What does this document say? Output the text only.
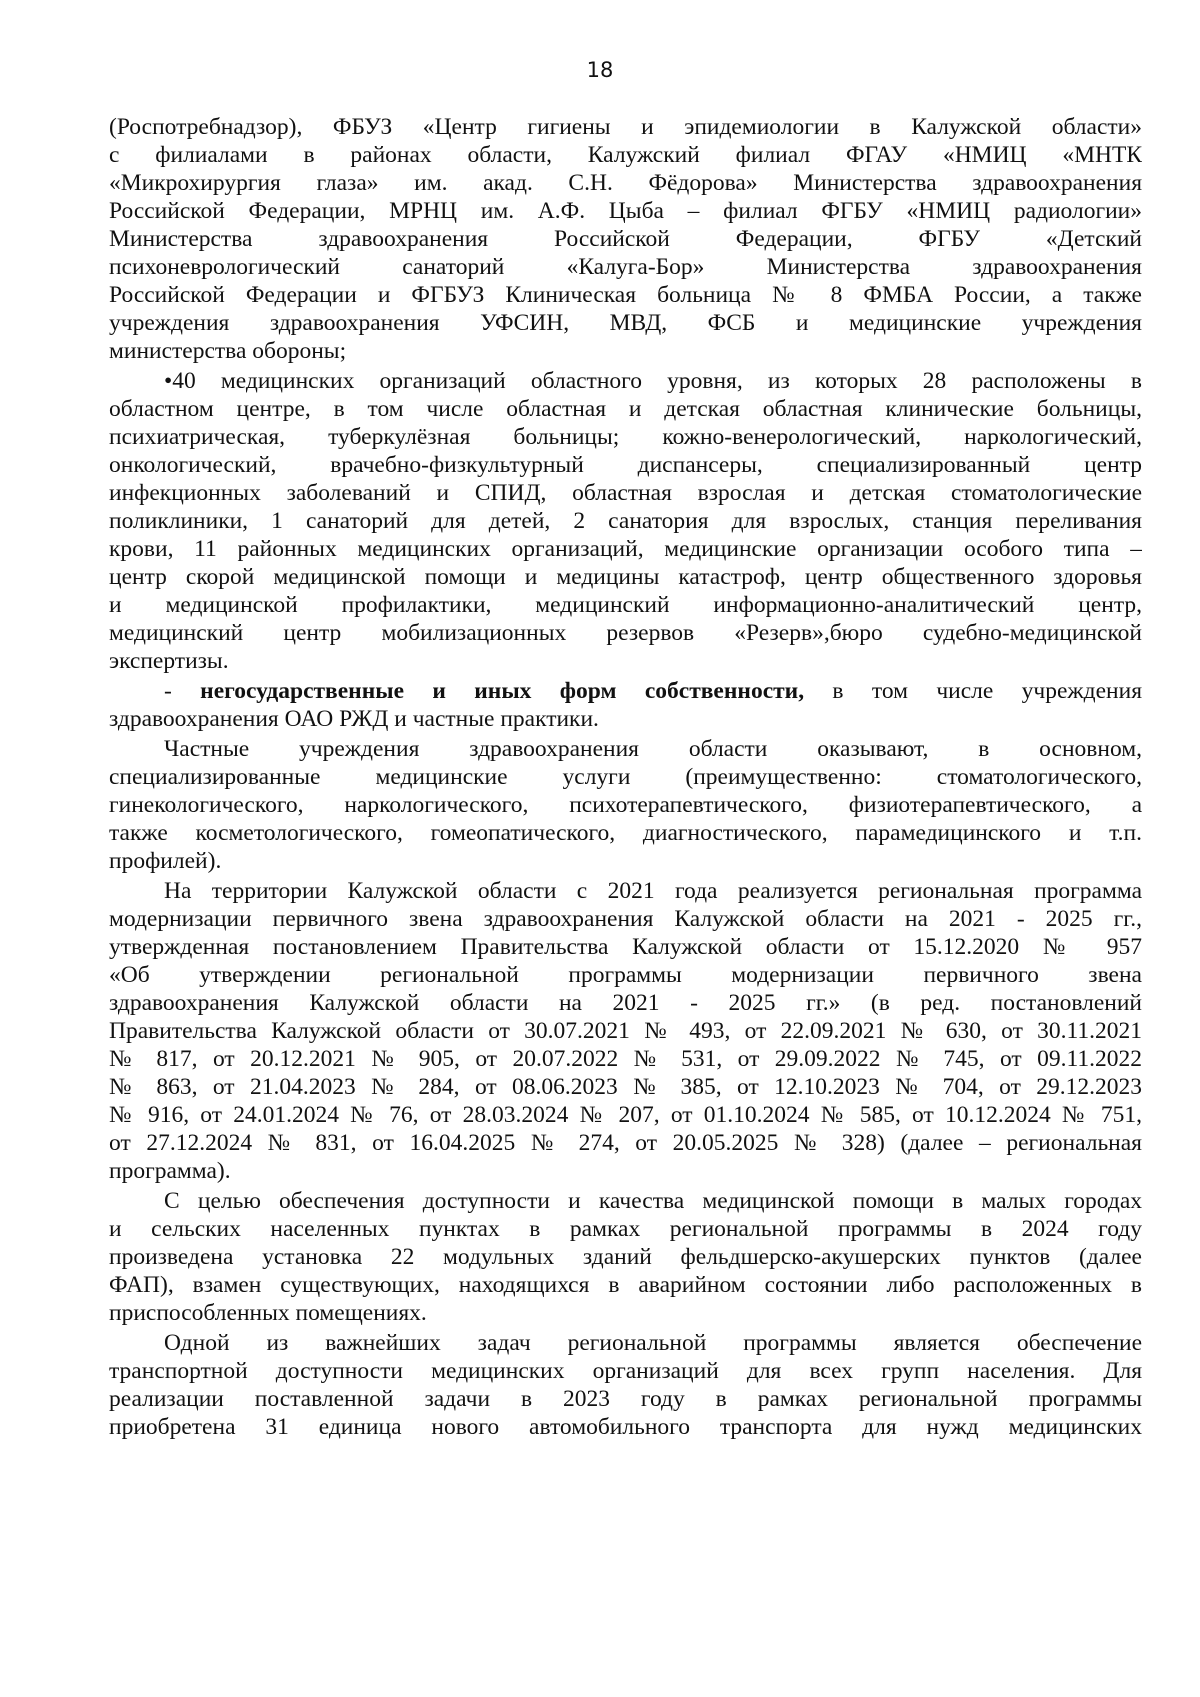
18
(Роспотребнадзор), ФБУЗ «Центр гигиены и эпидемиологии в Калужской области»
с филиалами в районах области, Калужский филиал ФГАУ «НМИЦ «МНТК
«Микрохирургия глаза» им. акад. С.Н. Фёдорова» Министерства здравоохранения
Российской Федерации, МРНЦ им. А.Ф. Цыба – филиал ФГБУ «НМИЦ радиологии»
Министерства здравоохранения Российской Федерации, ФГБУ «Детский
психоневрологический санаторий «Калуга-Бор» Министерства здравоохранения
Российской Федерации и ФГБУЗ Клиническая больница № 8 ФМБА России, а также
учреждения здравоохранения УФСИН, МВД, ФСБ и медицинские учреждения
министерства обороны;
•40 медицинских организаций областного уровня, из которых 28 расположены в
областном центре, в том числе областная и детская областная клинические больницы,
психиатрическая, туберкулёзная больницы; кожно-венерологический, наркологический,
онкологический, врачебно-физкультурный диспансеры, специализированный центр
инфекционных заболеваний и СПИД, областная взрослая и детская стоматологические
поликлиники, 1 санаторий для детей, 2 санатория для взрослых, станция переливания
крови, 11 районных медицинских организаций, медицинские организации особого типа –
центр скорой медицинской помощи и медицины катастроф, центр общественного здоровья
и медицинской профилактики, медицинский информационно-аналитический центр,
медицинский центр мобилизационных резервов «Резерв»,бюро судебно-медицинской
экспертизы.
- негосударственные и иных форм собственности, в том числе учреждения
здравоохранения ОАО РЖД и частные практики.
Частные учреждения здравоохранения области оказывают, в основном,
специализированные медицинские услуги (преимущественно: стоматологического,
гинекологического, наркологического, психотерапевтического, физиотерапевтического, а
также косметологического, гомеопатического, диагностического, парамедицинского и т.п.
профилей).
На территории Калужской области с 2021 года реализуется региональная программа
модернизации первичного звена здравоохранения Калужской области на 2021 - 2025 гг.,
утвержденная постановлением Правительства Калужской области от 15.12.2020 № 957
«Об утверждении региональной программы модернизации первичного звена
здравоохранения Калужской области на 2021 - 2025 гг.» (в ред. постановлений
Правительства Калужской области от 30.07.2021 № 493, от 22.09.2021 № 630, от 30.11.2021
№ 817, от 20.12.2021 № 905, от 20.07.2022 № 531, от 29.09.2022 № 745, от 09.11.2022
№ 863, от 21.04.2023 № 284, от 08.06.2023 № 385, от 12.10.2023 № 704, от 29.12.2023
№ 916, от 24.01.2024 № 76, от 28.03.2024 № 207, от 01.10.2024 № 585, от 10.12.2024 № 751,
от 27.12.2024 № 831, от 16.04.2025 № 274, от 20.05.2025 № 328) (далее – региональная
программа).
С целью обеспечения доступности и качества медицинской помощи в малых городах
и сельских населенных пунктах в рамках региональной программы в 2024 году
произведена установка 22 модульных зданий фельдшерско-акушерских пунктов (далее
ФАП), взамен существующих, находящихся в аварийном состоянии либо расположенных в
приспособленных помещениях.
Одной из важнейших задач региональной программы является обеспечение
транспортной доступности медицинских организаций для всех групп населения. Для
реализации поставленной задачи в 2023 году в рамках региональной программы
приобретена 31 единица нового автомобильного транспорта для нужд медицинских
